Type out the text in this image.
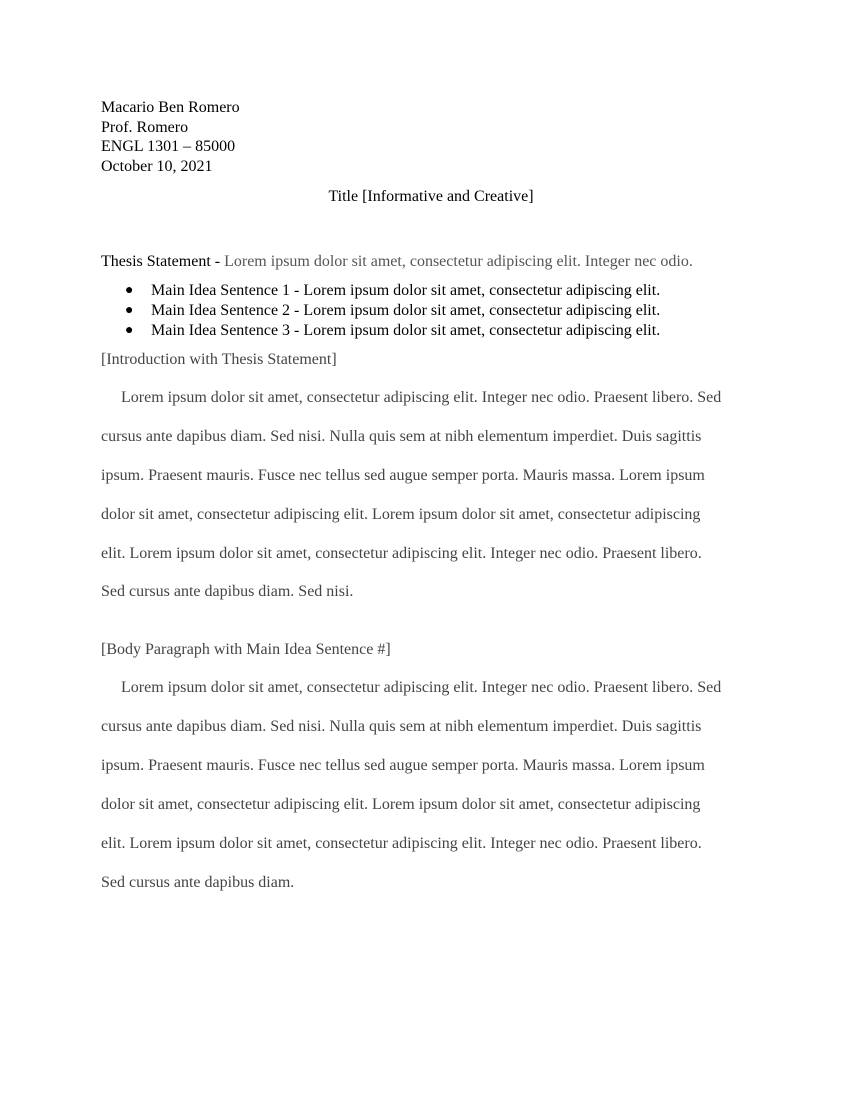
Macario Ben Romero
Prof. Romero
ENGL 1301 – 85000
October 10, 2021
Title [Informative and Creative]
Thesis Statement - Lorem ipsum dolor sit amet, consectetur adipiscing elit. Integer nec odio.
● Main Idea Sentence 1 - Lorem ipsum dolor sit amet, consectetur adipiscing elit.
● Main Idea Sentence 2 - Lorem ipsum dolor sit amet, consectetur adipiscing elit.
● Main Idea Sentence 3 - Lorem ipsum dolor sit amet, consectetur adipiscing elit.
[Introduction with Thesis Statement]
Lorem ipsum dolor sit amet, consectetur adipiscing elit. Integer nec odio. Praesent libero. Sed
cursus ante dapibus diam. Sed nisi. Nulla quis sem at nibh elementum imperdiet. Duis sagittis
ipsum. Praesent mauris. Fusce nec tellus sed augue semper porta. Mauris massa. Lorem ipsum
dolor sit amet, consectetur adipiscing elit. Lorem ipsum dolor sit amet, consectetur adipiscing
elit. Lorem ipsum dolor sit amet, consectetur adipiscing elit. Integer nec odio. Praesent libero.
Sed cursus ante dapibus diam. Sed nisi.
[Body Paragraph with Main Idea Sentence #]
Lorem ipsum dolor sit amet, consectetur adipiscing elit. Integer nec odio. Praesent libero. Sed
cursus ante dapibus diam. Sed nisi. Nulla quis sem at nibh elementum imperdiet. Duis sagittis
ipsum. Praesent mauris. Fusce nec tellus sed augue semper porta. Mauris massa. Lorem ipsum
dolor sit amet, consectetur adipiscing elit. Lorem ipsum dolor sit amet, consectetur adipiscing
elit. Lorem ipsum dolor sit amet, consectetur adipiscing elit. Integer nec odio. Praesent libero.
Sed cursus ante dapibus diam.
